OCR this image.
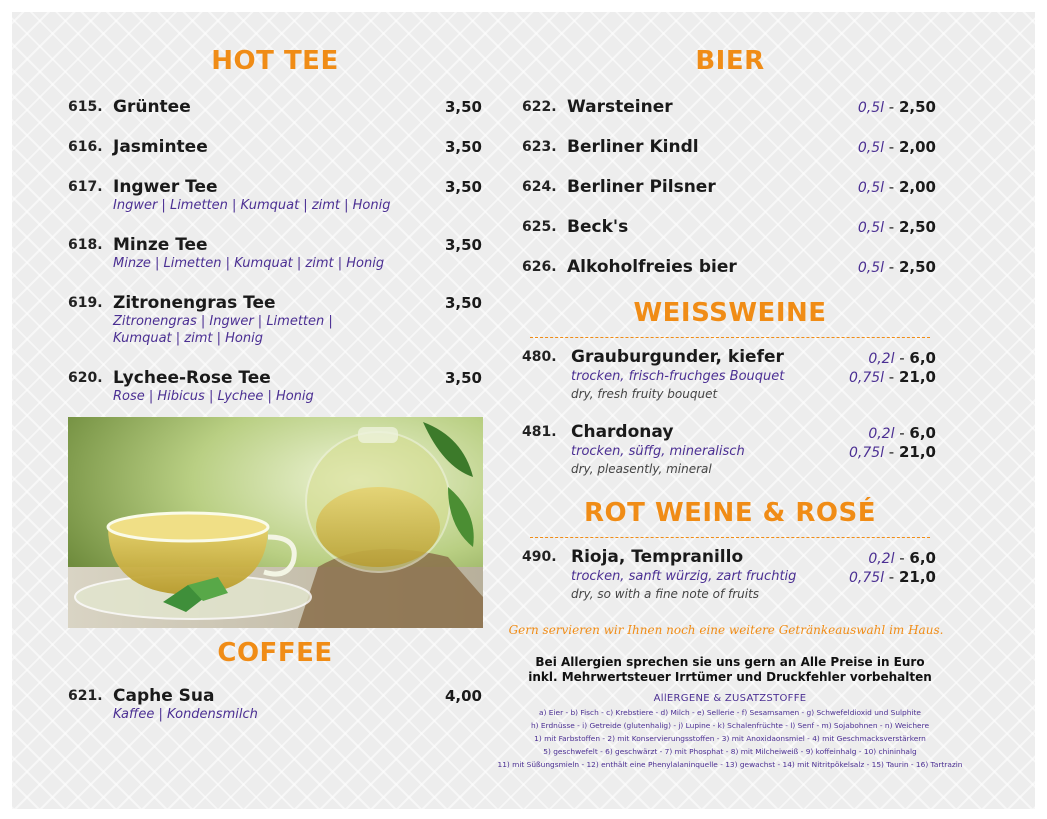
HOT TEE
615. Grüntee	3,50
616. Jasmintee	3,50
617. Ingwer Tee	3,50
Ingwer | Limetten | Kumquat | zimt | Honig
618. Minze Tee	3,50
Minze | Limetten | Kumquat | zimt | Honig
619. Zitronengras Tee	3,50
Zitronengras | Ingwer | Limetten |
Kumquat | zimt | Honig
620. Lychee-Rose Tee	3,50
Rose | Hibicus | Lychee | Honig
COFFEE
621. Caphe Sua	4,00
Kaffee | Kondensmilch
BIER
622. Warsteiner	0,5l - 2,50
623. Berliner Kindl	0,5l - 2,00
624. Berliner Pilsner	0,5l - 2,00
625. Beck's	0,5l - 2,50
626. Alkoholfreies bier	0,5l - 2,50
WEISSWEINE
480. Grauburgunder, kiefer
trocken, frisch-fruchges Bouquet
dry, fresh fruity bouquet
0,2l - 6,0
0,75l - 21,0
481. Chardonay
trocken, süffg, mineralisch
dry, pleasently, mineral
0,2l - 6,0
0,75l - 21,0
ROT WEINE & ROSÉ
490. Rioja, Tempranillo
trocken, sanft würzig, zart fruchtig
dry, so with a fine note of fruits
0,2l - 6,0
0,75l - 21,0
Gern servieren wir Ihnen noch eine weitere Getränkeauswahl im Haus.
Bei Allergien sprechen sie uns gern an Alle Preise in Euro
inkl. Mehrwertsteuer Irrtümer und Druckfehler vorbehalten
AllERGENE & ZUSATZSTOFFE
a) Eier - b) Fisch - c) Krebstiere - d) Milch - e) Sellerie - f) Sesamsamen - g) Schwefeldioxid und Sulphite
h) Erdnüsse - i) Getreide (glutenhalig) - j) Lupine - k) Schalenfrüchte - l) Senf - m) Sojabohnen - n) Weichere
1) mit Farbstoffen - 2) mit Konservierungsstoffen - 3) mit Anoxidaonsmiel - 4) mit Geschmacksverstärkern
5) geschwefelt - 6) geschwärzt - 7) mit Phosphat - 8) mit Milcheiweiß - 9) koffeinhalg - 10) chininhalg
11) mit Süßungsmieln - 12) enthält eine Phenylalaninquelle - 13) gewachst - 14) mit Nitritpökelsalz - 15) Taurin - 16) Tartrazin
